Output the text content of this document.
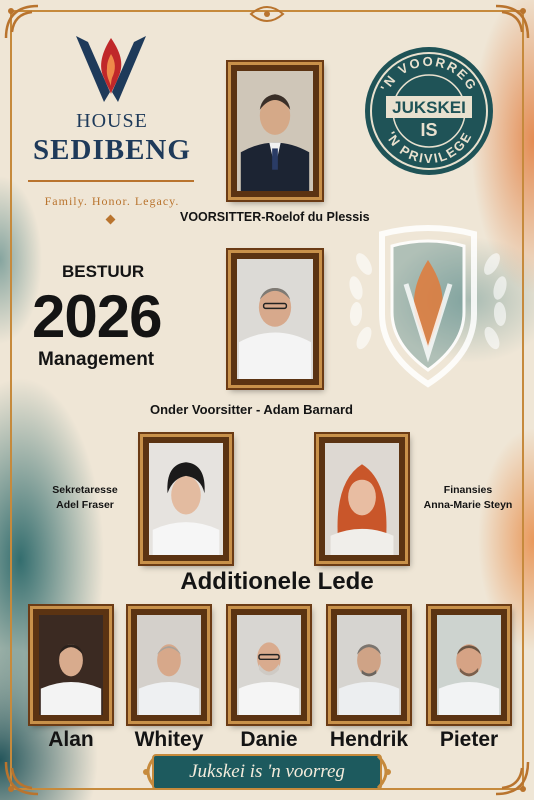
HOUSE
SEDIBENG
Family. Honor. Legacy.
'N VOORREG
'N PRIVILEGE
JUKSKEI
IS
BESTUUR
2026
Management
VOORSITTER-Roelof du Plessis
Onder Voorsitter - Adam Barnard
Sekretaresse
Adel Fraser
Finansies
Anna-Marie Steyn
Additionele Lede
Alan	Whitey	Danie	Hendrik	Pieter
Jukskei is 'n voorreg
